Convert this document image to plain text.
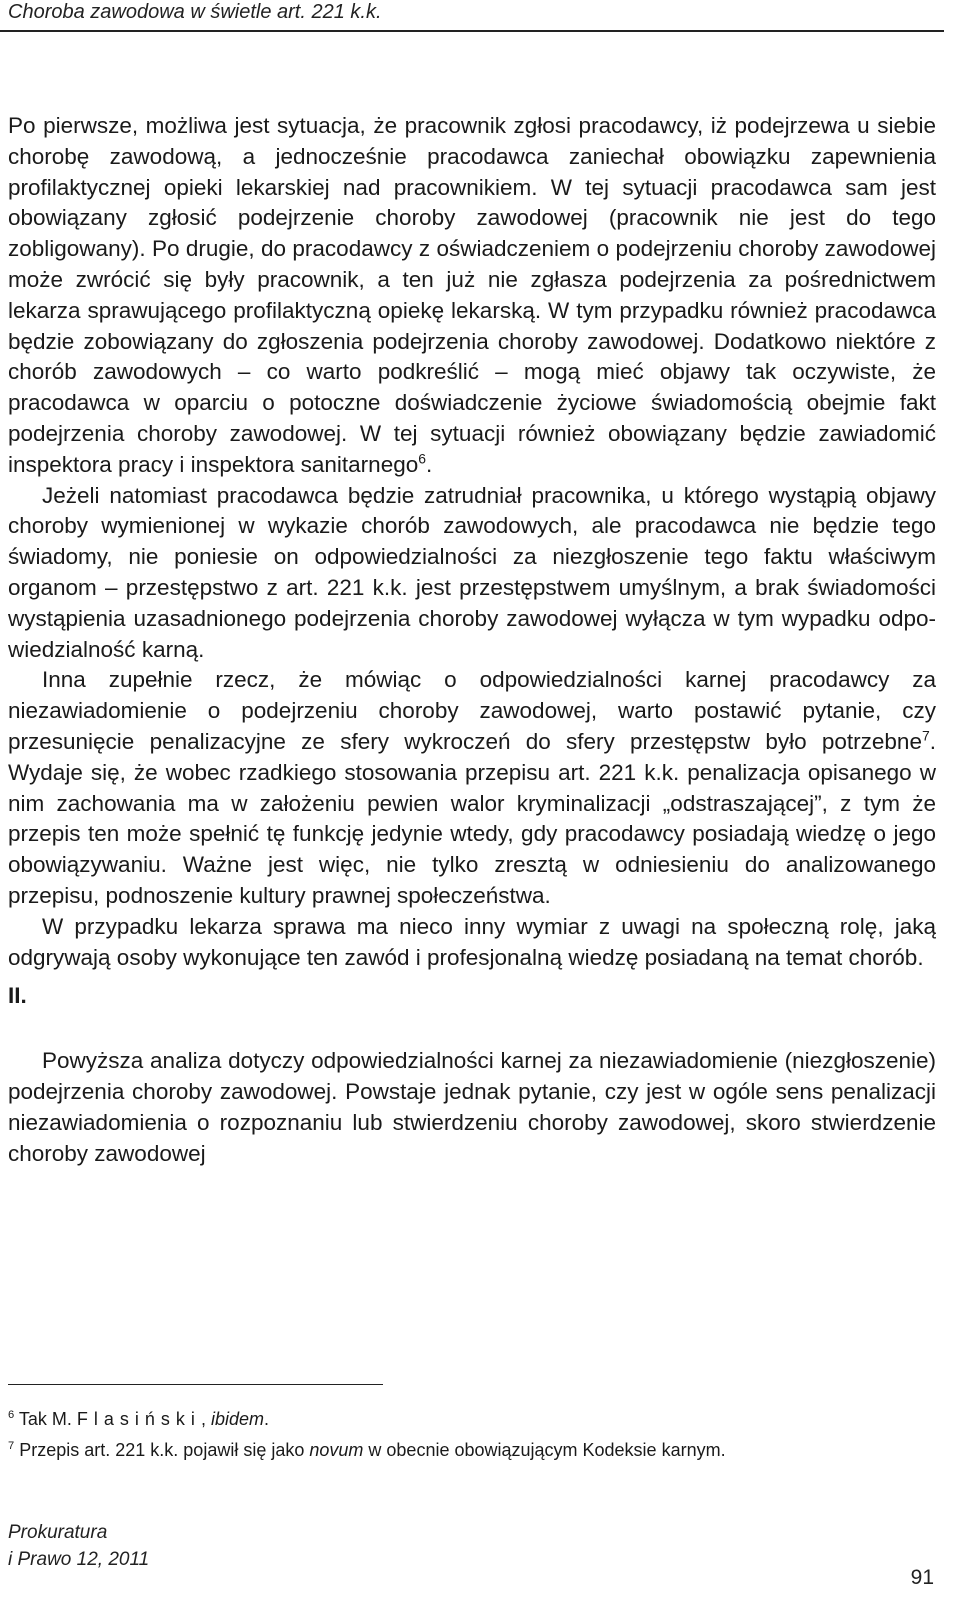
Choroba zawodowa w świetle art. 221 k.k.

Po pierwsze, możliwa jest sytuacja, że pracownik zgłosi pracodawcy, iż podejrzewa u siebie chorobę zawodową, a jednocześnie pracodawca zaniechał obowiązku zapewnienia profilaktycznej opieki lekarskiej nad pracownikiem. W tej sytuacji pracodawca sam jest obowiązany zgłosić podejrzenie choroby zawodowej (pracownik nie jest do tego zobligowany). Po drugie, do pracodawcy z oświadczeniem o podejrzeniu choroby zawodowej może zwrócić się były pracownik, a ten już nie zgłasza podejrzenia za pośrednictwem lekarza sprawującego profilaktyczną opiekę lekarską. W tym przypadku również pracodawca będzie zobowiązany do zgłoszenia podejrzenia choroby zawodowej. Dodatkowo niektóre z chorób zawodowych – co warto podkreślić – mogą mieć objawy tak oczywiste, że pracodawca w oparciu o potoczne doświadczenie życiowe świadomością obejmie fakt podejrzenia choroby zawodowej. W tej sytuacji również obowiązany będzie zawiadomić inspektora pracy i inspektora sanitarnego$^6$.

Jeżeli natomiast pracodawca będzie zatrudniał pracownika, u którego wystąpią objawy choroby wymienionej w wykazie chorób zawodowych, ale pracodawca nie będzie tego świadomy, nie poniesie on odpowiedzialności za niezgłoszenie tego faktu właściwym organom – przestępstwo z art. 221 k.k. jest przestępstwem umyślnym, a brak świadomości wystąpienia uzasadnionego podejrzenia choroby zawodowej wyłącza w tym wypadku odpowiedzialność karną.

Inna zupełnie rzecz, że mówiąc o odpowiedzialności karnej pracodawcy za niezawiadomienie o podejrzeniu choroby zawodowej, warto postawić pytanie, czy przesunięcie penalizacyjne ze sfery wykroczeń do sfery przestępstw było potrzebne$^7$. Wydaje się, że wobec rzadkiego stosowania przepisu art. 221 k.k. penalizacja opisanego w nim zachowania ma w założeniu pewien walor kryminalizacji „odstraszającej”, z tym że przepis ten może spełnić tę funkcję jedynie wtedy, gdy pracodawcy posiadają wiedzę o jego obowiązywaniu. Ważne jest więc, nie tylko zresztą w odniesieniu do analizowanego przepisu, podnoszenie kultury prawnej społeczeństwa.

W przypadku lekarza sprawa ma nieco inny wymiar z uwagi na społeczną rolę, jaką odgrywają osoby wykonujące ten zawód i profesjonalną wiedzę posiadaną na temat chorób.

II.

Powyższa analiza dotyczy odpowiedzialności karnej za niezawiadomienie (niezgłoszenie) podejrzenia choroby zawodowej. Powstaje jednak pytanie, czy jest w ogóle sens penalizacji niezawiadomienia o rozpoznaniu lub stwierdzeniu choroby zawodowej, skoro stwierdzenie choroby zawodowej

$^6$ Tak M. Flasiński, ibidem.
$^7$ Przepis art. 221 k.k. pojawił się jako novum w obecnie obowiązującym Kodeksie karnym.
Prokuratura
i Prawo 12, 2011
91
